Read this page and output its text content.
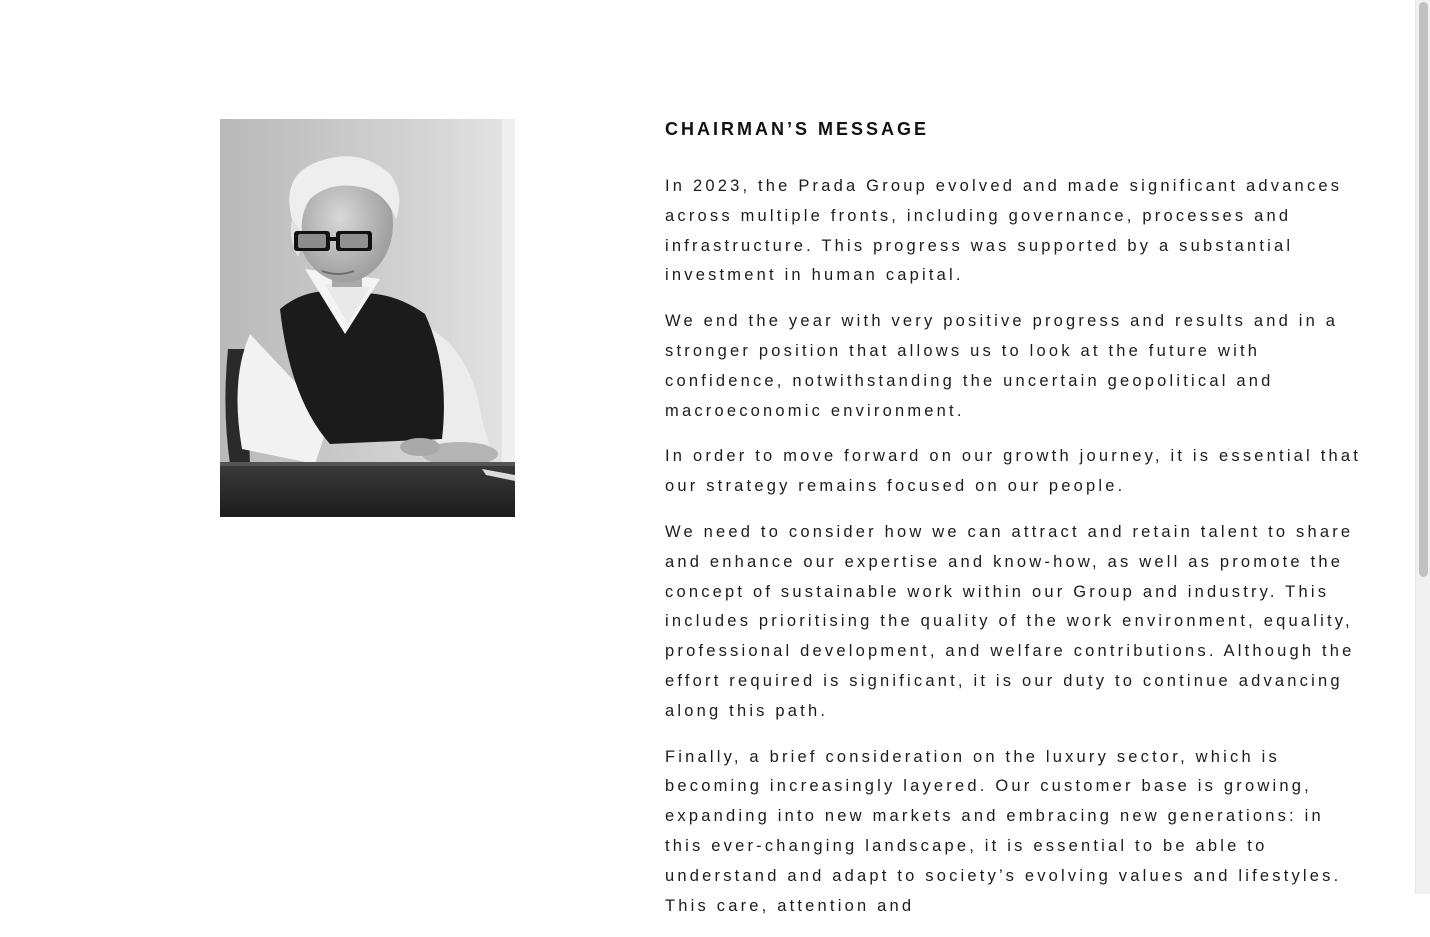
CHAIRMAN’S MESSAGE

In 2023, the Prada Group evolved and made significant advances across multiple fronts, including governance, processes and infrastructure. This progress was supported by a substantial investment in human capital.

We end the year with very positive progress and results and in a stronger position that allows us to look at the future with confidence, notwithstanding the uncertain geopolitical and macroeconomic environment.

In order to move forward on our growth journey, it is essential that our strategy remains focused on our people.

We need to consider how we can attract and retain talent to share and enhance our expertise and know-how, as well as promote the concept of sustainable work within our Group and industry. This includes prioritising the quality of the work environment, equality, professional development, and welfare contributions. Although the effort required is significant, it is our duty to continue advancing along this path.

Finally, a brief consideration on the luxury sector, which is becoming increasingly layered. Our customer base is growing, expanding into new markets and embracing new generations: in this ever-changing landscape, it is essential to be able to understand and adapt to society’s evolving values and lifestyles. This care, attention and
